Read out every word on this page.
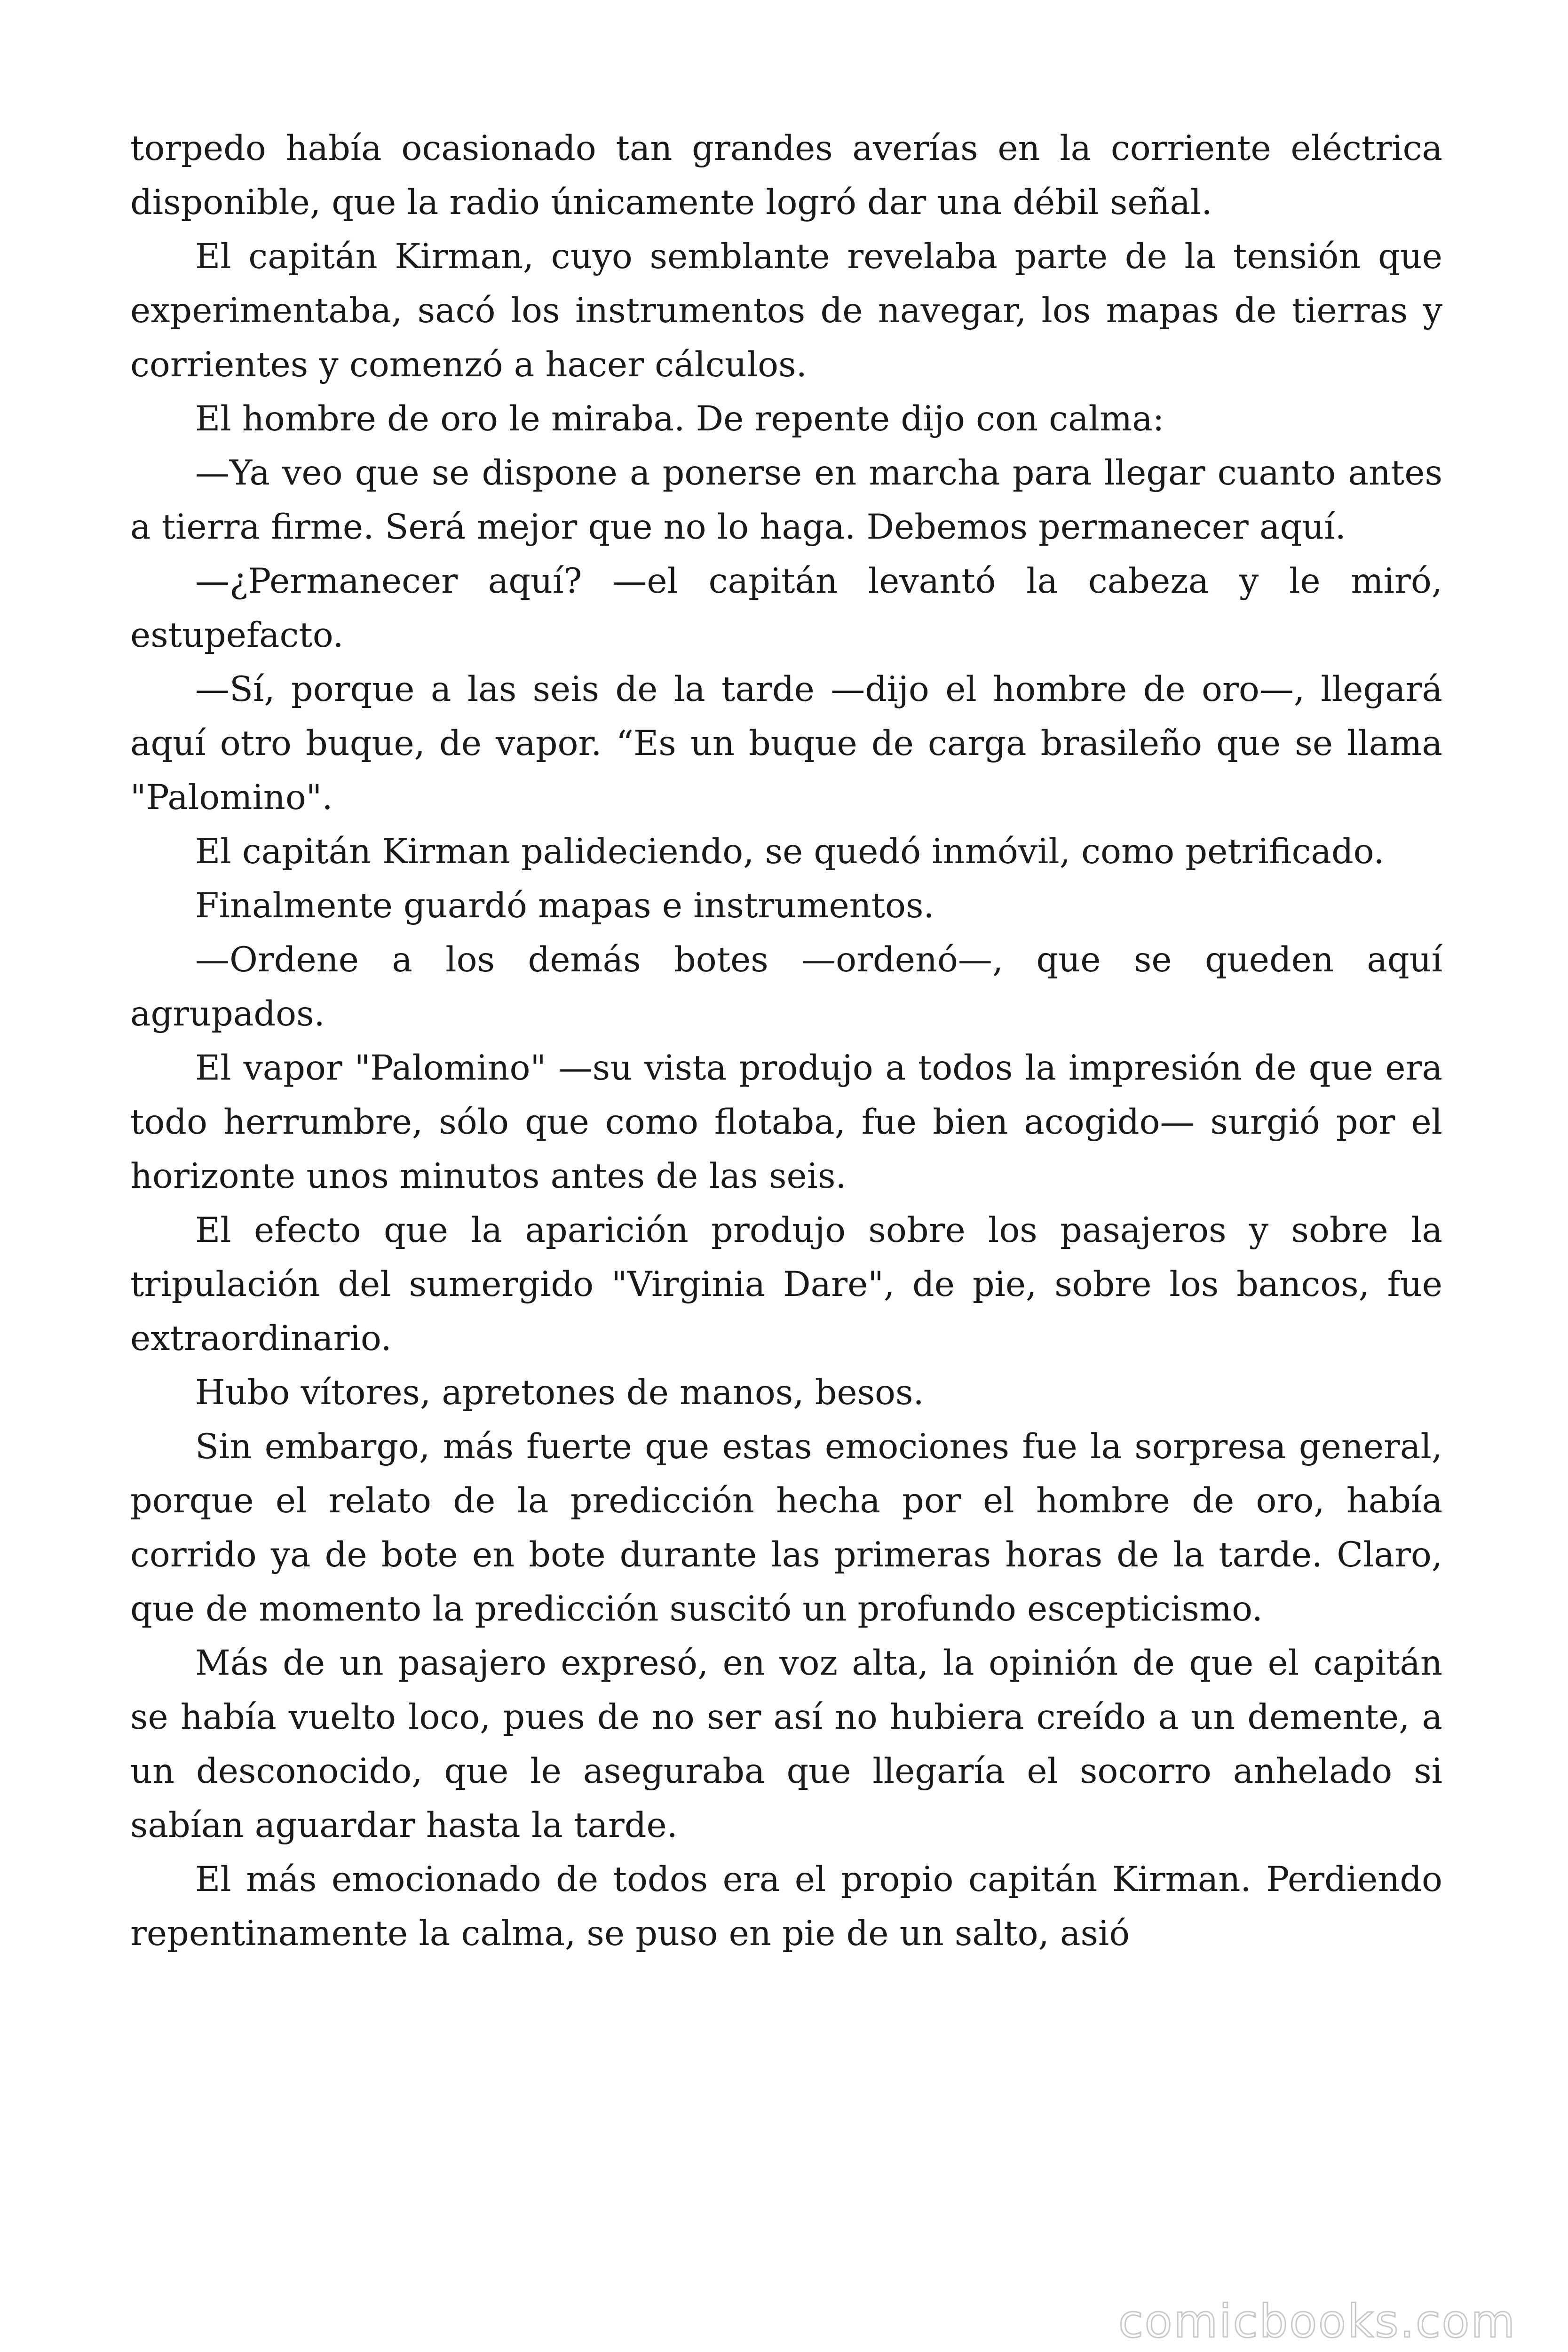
torpedo había ocasionado tan grandes averías en la corriente eléctrica disponible, que la radio únicamente logró dar una débil señal.

El capitán Kirman, cuyo semblante revelaba parte de la tensión que experimentaba, sacó los instrumentos de navegar, los mapas de tierras y corrientes y comenzó a hacer cálculos.

El hombre de oro le miraba. De repente dijo con calma:

—Ya veo que se dispone a ponerse en marcha para llegar cuanto antes a tierra firme. Será mejor que no lo haga. Debemos permanecer aquí.

—¿Permanecer aquí? —el capitán levantó la cabeza y le miró, estupefacto.

—Sí, porque a las seis de la tarde —dijo el hombre de oro—, llegará aquí otro buque, de vapor. “Es un buque de carga brasileño que se llama "Palomino".

El capitán Kirman palideciendo, se quedó inmóvil, como petrificado.

Finalmente guardó mapas e instrumentos.

—Ordene a los demás botes —ordenó—, que se queden aquí agrupados.

El vapor "Palomino" —su vista produjo a todos la impresión de que era todo herrumbre, sólo que como flotaba, fue bien acogido— surgió por el horizonte unos minutos antes de las seis.

El efecto que la aparición produjo sobre los pasajeros y sobre la tripulación del sumergido "Virginia Dare", de pie, sobre los bancos, fue extraordinario.

Hubo vítores, apretones de manos, besos.

Sin embargo, más fuerte que estas emociones fue la sorpresa general, porque el relato de la predicción hecha por el hombre de oro, había corrido ya de bote en bote durante las primeras horas de la tarde. Claro, que de momento la predicción suscitó un profundo escepticismo.

Más de un pasajero expresó, en voz alta, la opinión de que el capitán se había vuelto loco, pues de no ser así no hubiera creído a un demente, a un desconocido, que le aseguraba que llegaría el socorro anhelado si sabían aguardar hasta la tarde.

El más emocionado de todos era el propio capitán Kirman. Perdiendo repentinamente la calma, se puso en pie de un salto, asió

comicbooks.com
